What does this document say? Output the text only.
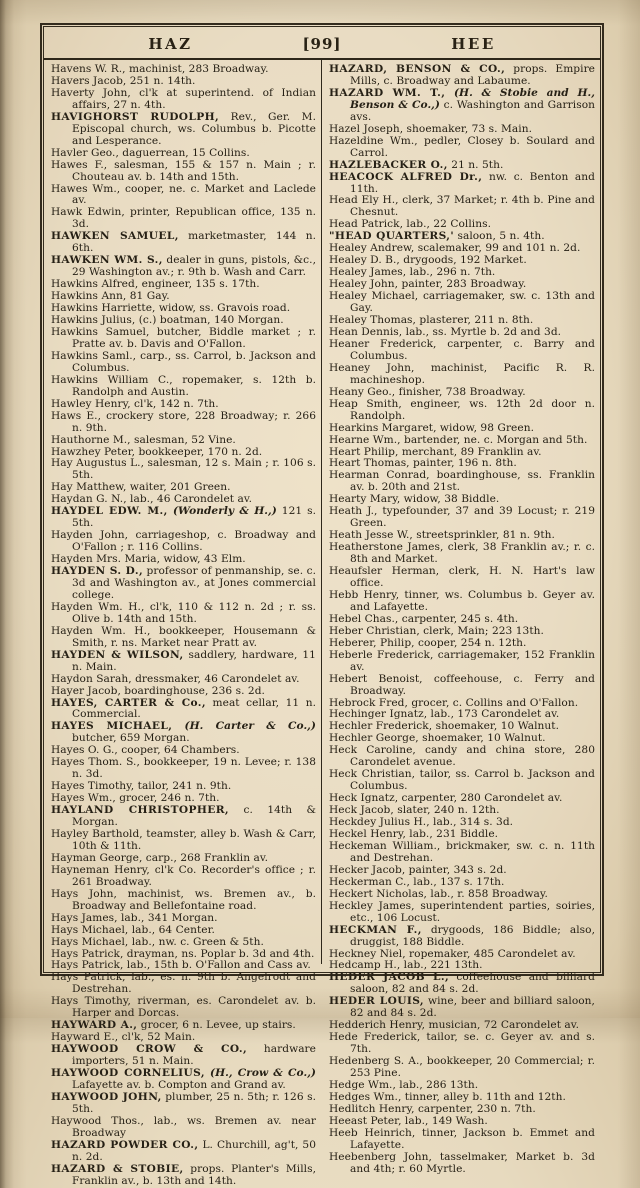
HAZ	[99]	HEE

Havens W. R., machinist, 283 Broadway.

Havers Jacob, 251 n. 14th.

Haverty John, cl'k at superintend. of Indian affairs, 27 n. 4th.

HAVIGHORST RUDOLPH, Rev., Ger. M. Episcopal church, ws. Columbus b. Picotte and Lesperance.

Havler Geo., daguerrean, 15 Collins.

Hawes F., salesman, 155 & 157 n. Main ; r. Chouteau av. b. 14th and 15th.

Hawes Wm., cooper, ne. c. Market and Laclede av.

Hawk Edwin, printer, Republican office, 135 n. 3d.

HAWKEN SAMUEL, marketmaster, 144 n. 6th.

HAWKEN WM. S., dealer in guns, pistols, &c., 29 Washington av.; r. 9th b. Wash and Carr.

Hawkins Alfred, engineer, 135 s. 17th.

Hawkins Ann, 81 Gay.

Hawkins Harriette, widow, ss. Gravois road.

Hawkins Julius, (c.) boatman, 140 Morgan.

Hawkins Samuel, butcher, Biddle market ; r. Pratte av. b. Davis and O'Fallon.

Hawkins Saml., carp., ss. Carrol, b. Jackson and Columbus.

Hawkins William C., ropemaker, s. 12th b. Randolph and Austin.

Hawley Henry, cl'k, 142 n. 7th.

Haws E., crockery store, 228 Broadway; r. 266 n. 9th.

Hauthorne M., salesman, 52 Vine.

Hawzhey Peter, bookkeeper, 170 n. 2d.

Hay Augustus L., salesman, 12 s. Main ; r. 106 s. 5th.

Hay Matthew, waiter, 201 Green.

Haydan G. N., lab., 46 Carondelet av.

HAYDEL EDW. M., (Wonderly & H.,) 121 s. 5th.

Hayden John, carriageshop, c. Broadway and O'Fallon ; r. 116 Collins.

Hayden Mrs. Maria, widow, 43 Elm.

HAYDEN S. D., professor of penmanship, se. c. 3d and Washington av., at Jones commercial college.

Hayden Wm. H., cl'k, 110 & 112 n. 2d ; r. ss. Olive b. 14th and 15th.

Hayden Wm. H., bookkeeper, Housemann & Smith, r. ns. Market near Pratt av.

HAYDEN & WILSON, saddlery, hardware, 11 n. Main.

Haydon Sarah, dressmaker, 46 Carondelet av.

Hayer Jacob, boardinghouse, 236 s. 2d.

HAYES, CARTER & Co., meat cellar, 11 n. Commercial.

HAYES MICHAEL, (H. Carter & Co.,) butcher, 659 Morgan.

Hayes O. G., cooper, 64 Chambers.

Hayes Thom. S., bookkeeper, 19 n. Levee; r. 138 n. 3d.

Hayes Timothy, tailor, 241 n. 9th.

Hayes Wm., grocer, 246 n. 7th.

HAYLAND CHRISTOPHER, c. 14th & Morgan.

Hayley Barthold, teamster, alley b. Wash & Carr, 10th & 11th.

Hayman George, carp., 268 Franklin av.

Hayneman Henry, cl'k Co. Recorder's office ; r. 261 Broadway.

Hays John, machinist, ws. Bremen av., b. Broadway and Bellefontaine road.

Hays James, lab., 341 Morgan.

Hays Michael, lab., 64 Center.

Hays Michael, lab., nw. c. Green & 5th.

Hays Patrick, drayman, ns. Poplar b. 3d and 4th.

Hays Patrick, lab., 15th b. O'Fallon and Cass av.

Hays Patrick, lab., es. n. 9th b. Angelrodt and Destrehan.

Hays Timothy, riverman, es. Carondelet av. b. Harper and Dorcas.

HAYWARD A., grocer, 6 n. Levee, up stairs.

Hayward E., cl'k, 52 Main.

HAYWOOD CROW & CO., hardware importers, 51 n. Main.

HAYWOOD CORNELIUS, (H., Crow & Co.,) Lafayette av. b. Compton and Grand av.

HAYWOOD JOHN, plumber, 25 n. 5th; r. 126 s. 5th.

Haywood Thos., lab., ws. Bremen av. near Broadway

HAZARD POWDER CO., L. Churchill, ag't, 50 n. 2d.

HAZARD & STOBIE, props. Planter's Mills, Franklin av., b. 13th and 14th.

HAZARD, BENSON & CO., props. Empire Mills, c. Broadway and Labaume.

HAZARD WM. T., (H. & Stobie and H., Benson & Co.,) c. Washington and Garrison avs.

Hazel Joseph, shoemaker, 73 s. Main.

Hazeldine Wm., pedler, Closey b. Soulard and Carrol.

HAZLEBACKER O., 21 n. 5th.

HEACOCK ALFRED Dr., nw. c. Benton and 11th.

Head Ely H., clerk, 37 Market; r. 4th b. Pine and Chesnut.

Head Patrick, lab., 22 Collins.

"HEAD QUARTERS,' saloon, 5 n. 4th.

Healey Andrew, scalemaker, 99 and 101 n. 2d.

Healey D. B., drygoods, 192 Market.

Healey James, lab., 296 n. 7th.

Healey John, painter, 283 Broadway.

Healey Michael, carriagemaker, sw. c. 13th and Gay.

Healey Thomas, plasterer, 211 n. 8th.

Hean Dennis, lab., ss. Myrtle b. 2d and 3d.

Heaner Frederick, carpenter, c. Barry and Columbus.

Heaney John, machinist, Pacific R. R. machineshop.

Heany Geo., finisher, 738 Broadway.

Heap Smith, engineer, ws. 12th 2d door n. Randolph.

Hearkins Margaret, widow, 98 Green.

Hearne Wm., bartender, ne. c. Morgan and 5th.

Heart Philip, merchant, 89 Franklin av.

Heart Thomas, painter, 196 n. 8th.

Hearman Conrad, boardinghouse, ss. Franklin av. b. 20th and 21st.

Hearty Mary, widow, 38 Biddle.

Heath J., typefounder, 37 and 39 Locust; r. 219 Green.

Heath Jesse W., streetsprinkler, 81 n. 9th.

Heatherstone James, clerk, 38 Franklin av.; r. c. 8th and Market.

Heaufsler Herman, clerk, H. N. Hart's law office.

Hebb Henry, tinner, ws. Columbus b. Geyer av. and Lafayette.

Hebel Chas., carpenter, 245 s. 4th.

Heber Christian, clerk, Main; 223 13th.

Heberer, Philip, cooper, 254 n. 12th.

Heberle Frederick, carriagemaker, 152 Franklin av.

Hebert Benoist, coffeehouse, c. Ferry and Broadway.

Hebrock Fred, grocer, c. Collins and O'Fallon.

Hechinger Ignatz, lab., 173 Carondelet av.

Hechler Frederick, shoemaker, 10 Walnut.

Hechler George, shoemaker, 10 Walnut.

Heck Caroline, candy and china store, 280 Carondelet avenue.

Heck Christian, tailor, ss. Carrol b. Jackson and Columbus.

Heck Ignatz, carpenter, 280 Carondelet av.

Heck Jacob, slater, 240 n. 12th.

Heckdey Julius H., lab., 314 s. 3d.

Heckel Henry, lab., 231 Biddle.

Heckeman William., brickmaker, sw. c. n. 11th and Destrehan.

Hecker Jacob, painter, 343 s. 2d.

Heckerman C., lab., 137 s. 17th.

Heckert Nicholas, lab., r. 858 Broadway.

Heckley James, superintendent parties, soiries, etc., 106 Locust.

HECKMAN F., drygoods, 186 Biddle; also, druggist, 188 Biddle.

Heckney Niel, ropemaker, 485 Carondelet av.

Hedcamp H., lab., 221 13th.

HEDER JACOB L., coffeehouse and billiard saloon, 82 and 84 s. 2d.

HEDER LOUIS, wine, beer and billiard saloon, 82 and 84 s. 2d.

Hedderich Henry, musician, 72 Carondelet av.

Hede Frederick, tailor, se. c. Geyer av. and s. 7th.

Hedenberg S. A., bookkeeper, 20 Commercial; r. 253 Pine.

Hedge Wm., lab., 286 13th.

Hedges Wm., tinner, alley b. 11th and 12th.

Hedlitch Henry, carpenter, 230 n. 7th.

Heeast Peter, lab., 149 Wash.

Heeb Heinrich, tinner, Jackson b. Emmet and Lafayette.

Heebenberg John, tasselmaker, Market b. 3d and 4th; r. 60 Myrtle.
